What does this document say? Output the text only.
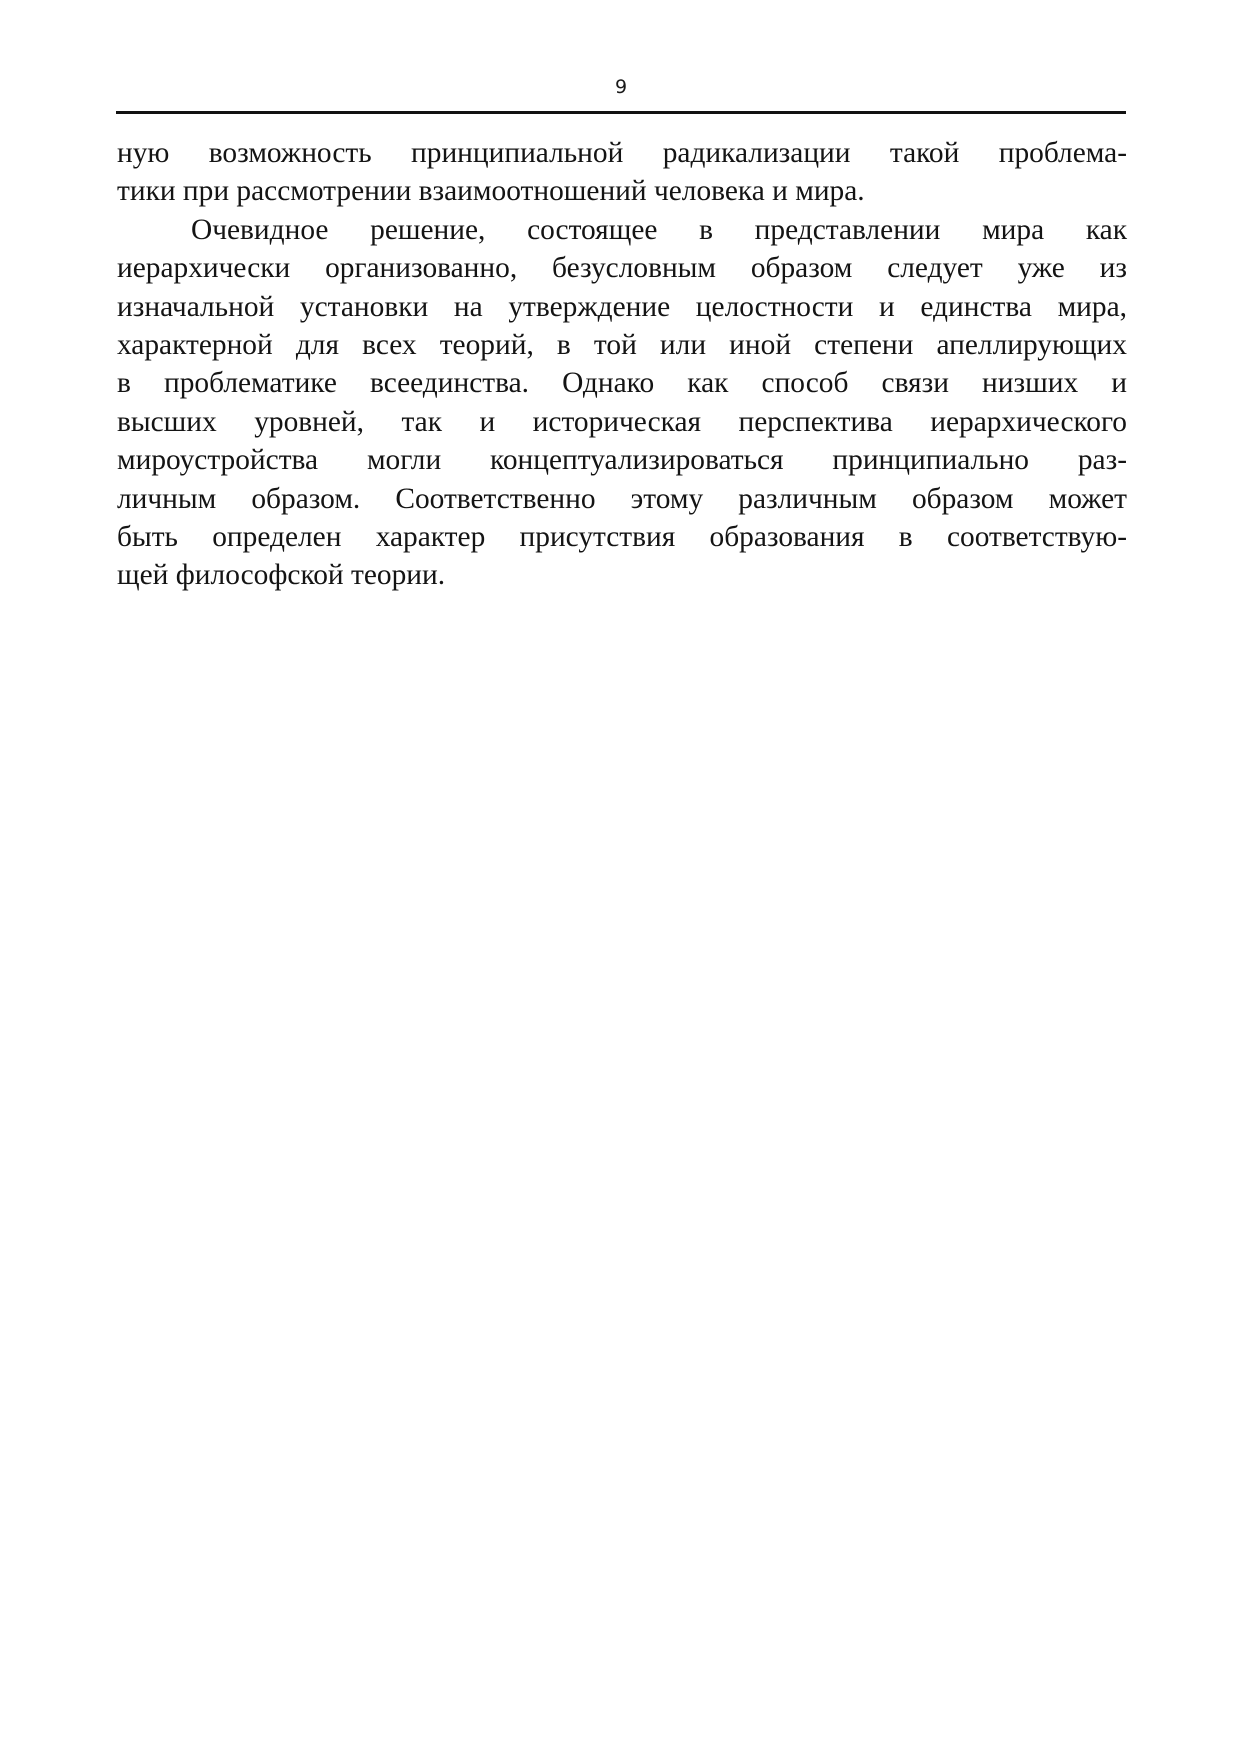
9

ную возможность принципиальной радикализации такой проблема-
тики при рассмотрении взаимоотношений человека и мира.

Очевидное решение, состоящее в представлении мира как
иерархически организованно, безусловным образом следует уже из
изначальной установки на утверждение целостности и единства мира,
характерной для всех теорий, в той или иной степени апеллирующих
в проблематике всеединства. Однако как способ связи низших и
высших уровней, так и историческая перспектива иерархического
мироустройства могли концептуализироваться принципиально раз-
личным образом. Соответственно этому различным образом может
быть определен характер присутствия образования в соответствую-
щей философской теории.
